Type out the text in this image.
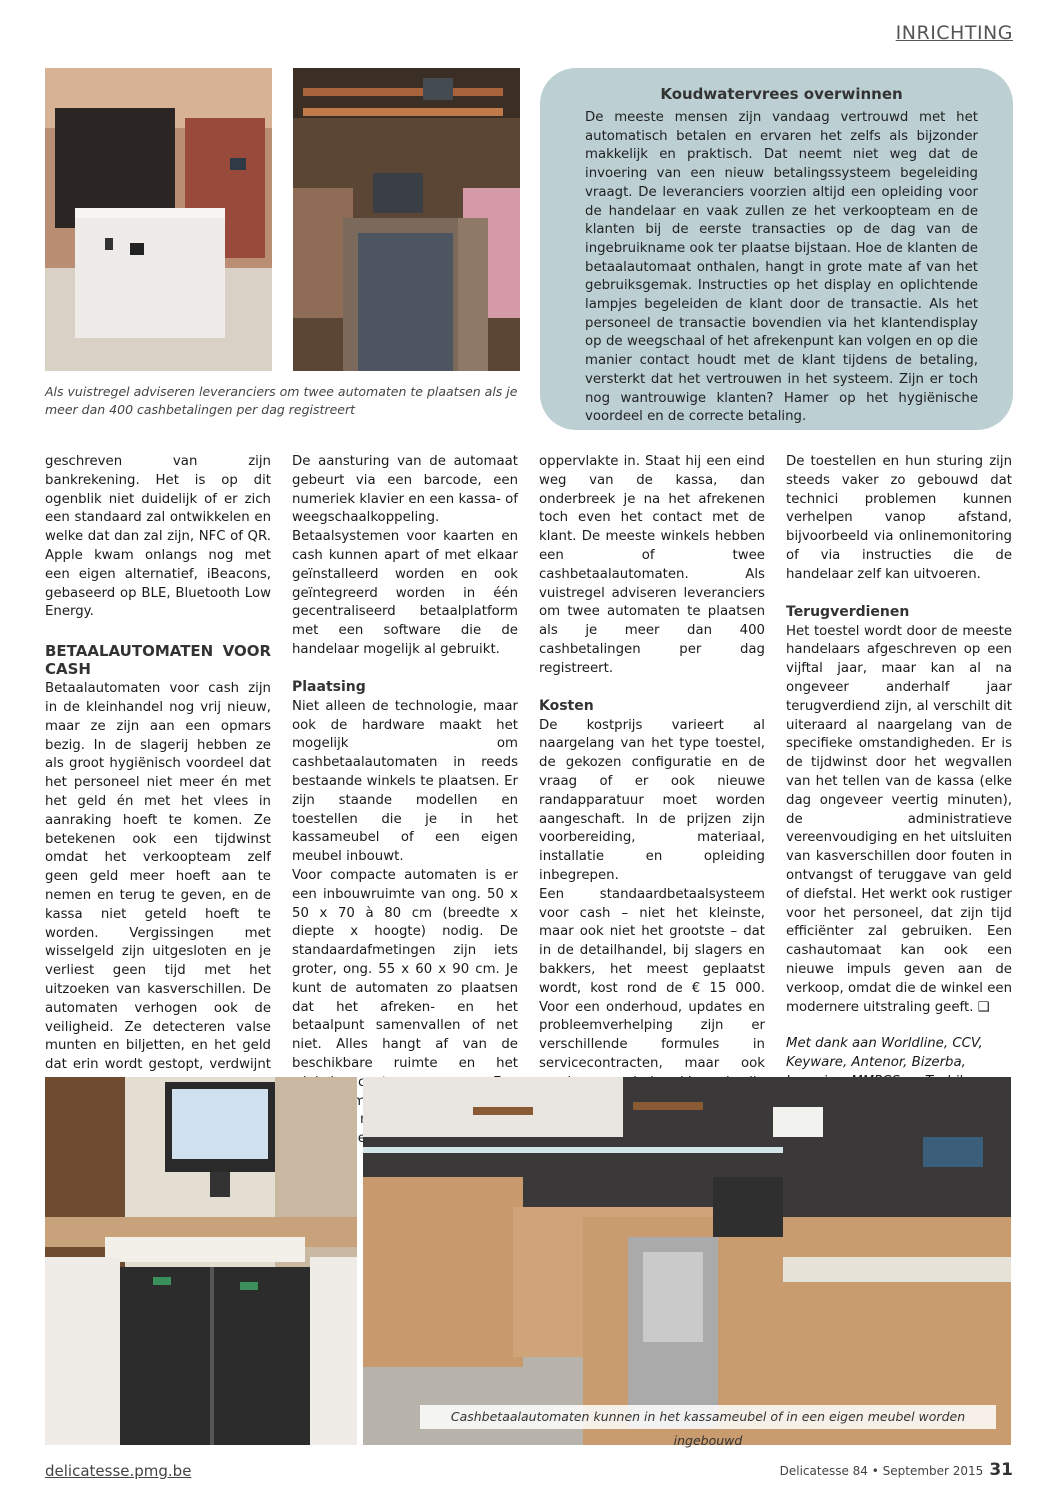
INRICHTING
Als vuistregel adviseren leveranciers om twee automaten te plaatsen als je meer dan 400 cashbetalingen per dag registreert
Koudwatervrees overwinnen

De meeste mensen zijn vandaag vertrouwd met het automatisch betalen en ervaren het zelfs als bijzonder makkelijk en praktisch. Dat neemt niet weg dat de invoering van een nieuw betalingssysteem begeleiding vraagt. De leveranciers voorzien altijd een opleiding voor de handelaar en vaak zullen ze het verkoopteam en de klanten bij de eerste transacties op de dag van de ingebruikname ook ter plaatse bijstaan. Hoe de klanten de betaalautomaat onthalen, hangt in grote mate af van het gebruiksgemak. Instructies op het display en oplichtende lampjes begeleiden de klant door de transactie. Als het personeel de transactie bovendien via het klantendisplay op de weegschaal of het afrekenpunt kan volgen en op die manier contact houdt met de klant tijdens de betaling, versterkt dat het vertrouwen in het systeem. Zijn er toch nog wantrouwige klanten? Hamer op het hygiënische voordeel en de correcte betaling.

geschreven van zijn bankrekening. Het is op dit ogenblik niet duidelijk of er zich een standaard zal ontwikkelen en welke dat dan zal zijn, NFC of QR. Apple kwam onlangs nog met een eigen alternatief, iBeacons, gebaseerd op BLE, Bluetooth Low Energy.

BETAALAUTOMATEN VOOR CASH

Betaalautomaten voor cash zijn in de kleinhandel nog vrij nieuw, maar ze zijn aan een opmars bezig. In de slagerij hebben ze als groot hygiënisch voordeel dat het personeel niet meer én met het geld én met het vlees in aanraking hoeft te komen. Ze betekenen ook een tijdwinst omdat het verkoopteam zelf geen geld meer hoeft aan te nemen en terug te geven, en de kassa niet geteld hoeft te worden. Vergissingen met wisselgeld zijn uitgesloten en je verliest geen tijd met het uitzoeken van kasverschillen. De automaten verhogen ook de veiligheid. Ze detecteren valse munten en biljetten, en het geld dat erin wordt gestopt, verdwijnt

De aansturing van de automaat gebeurt via een barcode, een numeriek klavier en een kassa- of weegschaalkoppeling.

Betaalsystemen voor kaarten en cash kunnen apart of met elkaar geïnstalleerd worden en ook geïntegreerd worden in één gecentraliseerd betaalplatform met een software die de handelaar mogelijk al gebruikt.

Plaatsing

Niet alleen de technologie, maar ook de hardware maakt het mogelijk om cashbetaalautomaten in reeds bestaande winkels te plaatsen. Er zijn staande modellen en toestellen die je in het kassameubel of een eigen meubel inbouwt.

Voor compacte automaten is er een inbouwruimte van ong. 50 x 50 x 70 à 80 cm (breedte x diepte x hoogte) nodig. De standaardafmetingen zijn iets groter, ong. 55 x 60 x 90 cm. Je kunt de automaten zo plaatsen dat het afreken- en het betaalpunt samenvallen of net niet. Alles hangt af van de beschikbare ruimte en het

oppervlakte in. Staat hij een eind weg van de kassa, dan onderbreek je na het afrekenen toch even het contact met de klant. De meeste winkels hebben een of twee cashbetaalautomaten. Als vuistregel adviseren leveranciers om twee automaten te plaatsen als je meer dan 400 cashbetalingen per dag registreert.

Kosten

De kostprijs varieert al naargelang van het type toestel, de gekozen configuratie en de vraag of er ook nieuwe randapparatuur moet worden aangeschaft. In de prijzen zijn voorbereiding, materiaal, installatie en opleiding inbegrepen.

Een standaardbetaalsysteem voor cash – niet het kleinste, maar ook niet het grootste – dat in de detailhandel, bij slagers en bakkers, het meest geplaatst wordt, kost rond de € 15 000. Voor een onderhoud, updates en probleemverhelping zijn er verschillende formules in servicecontracten, maar ook

De toestellen en hun sturing zijn steeds vaker zo gebouwd dat technici problemen kunnen verhelpen vanop afstand, bijvoorbeeld via onlinemonitoring of via instructies die de handelaar zelf kan uitvoeren.

Terugverdienen

Het toestel wordt door de meeste handelaars afgeschreven op een vijftal jaar, maar kan al na ongeveer anderhalf jaar terugverdiend zijn, al verschilt dit uiteraard al naargelang van de specifieke omstandigheden. Er is de tijdwinst door het wegvallen van het tellen van de kassa (elke dag ongeveer veertig minuten), de administratieve vereenvoudiging en het uitsluiten van kasverschillen door fouten in ontvangst of teruggave van geld of diefstal. Het werkt ook rustiger voor het personeel, dat zijn tijd efficiënter zal gebruiken. Een cashautomaat kan ook een nieuwe impuls geven aan de verkoop, omdat die de winkel een modernere uitstraling geeft. ❑

Met dank aan Worldline, CCV, Keyware, Antenor, Bizerba,

Cashbetaalautomaten kunnen in het kassameubel of in een eigen meubel worden ingebouwd
delicatesse.pmg.be	Delicatesse 84 • September 2015 31
